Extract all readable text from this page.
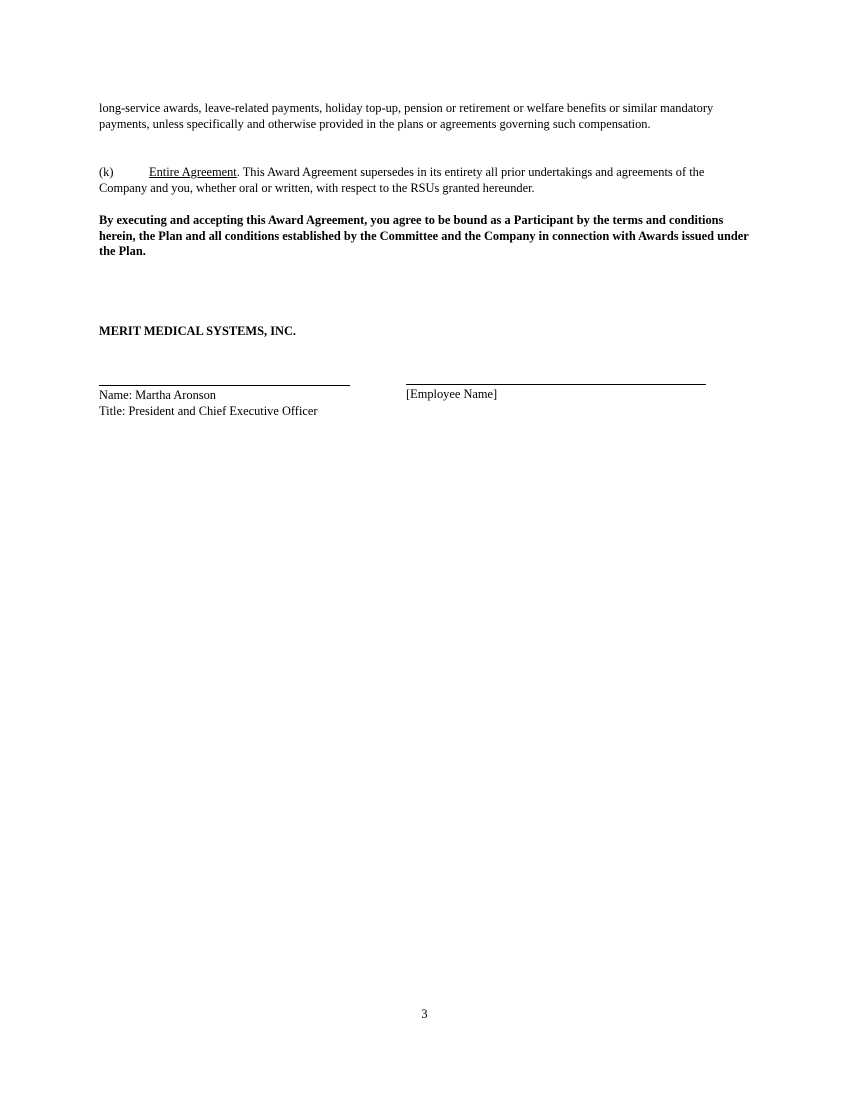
long-service awards, leave-related payments, holiday top-up, pension or retirement or welfare benefits or similar mandatory payments, unless specifically and otherwise provided in the plans or agreements governing such compensation.

(k)	Entire Agreement. This Award Agreement supersedes in its entirety all prior undertakings and agreements of the Company and you, whether oral or written, with respect to the RSUs granted hereunder.

By executing and accepting this Award Agreement, you agree to be bound as a Participant by the terms and conditions herein, the Plan and all conditions established by the Committee and the Company in connection with Awards issued under the Plan.

MERIT MEDICAL SYSTEMS, INC.

Name: Martha Aronson

Title: President and Chief Executive Officer

[Employee Name]

3
